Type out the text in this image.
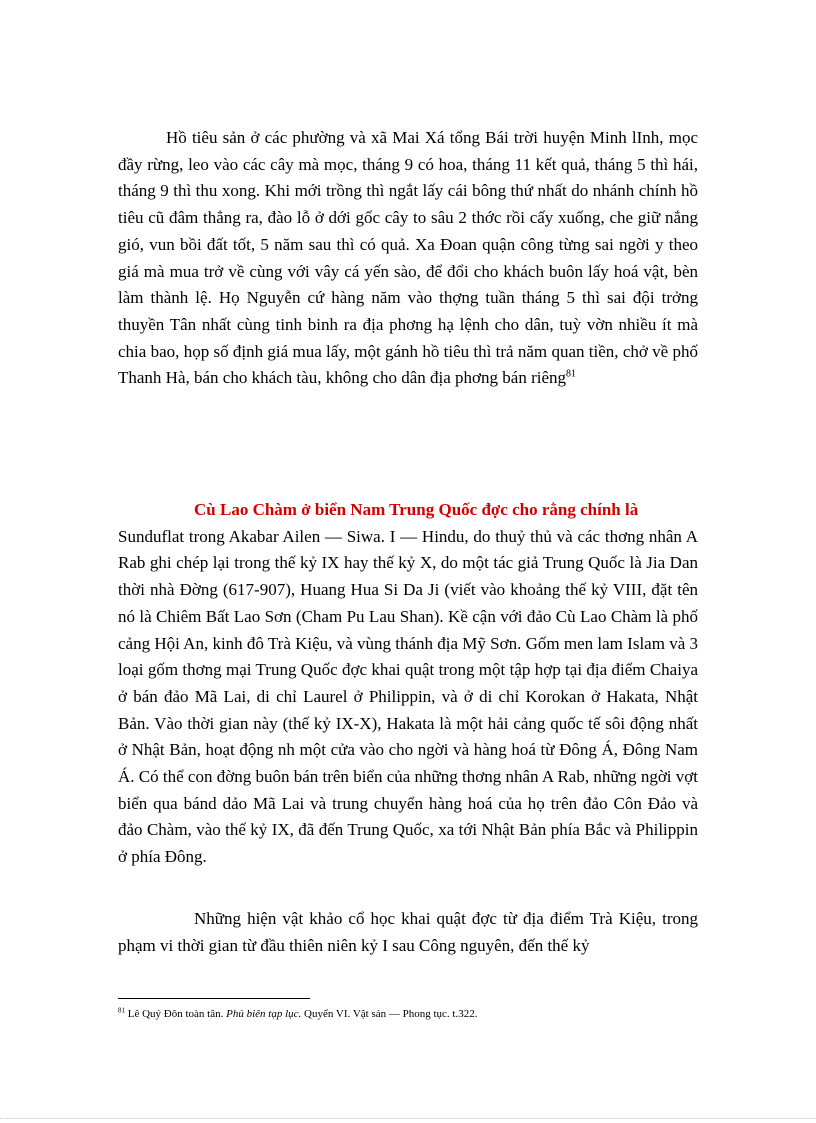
Hồ tiêu sản ở các phường và xã Mai Xá tổng Bái trời huyện Minh lInh, mọc đầy rừng, leo vào các cây mà mọc, tháng 9 có hoa, tháng 11 kết quả, tháng 5 thì hái, tháng 9 thì thu xong. Khi mới trồng thì ngắt lấy cái bông thứ nhất do nhánh chính hồ tiêu cũ đâm thẳng ra, đào lỗ ở dới gốc cây to sâu 2 thớc rồi cấy xuống, che giữ nắng gió, vun bồi đất tốt, 5 năm sau thì có quả. Xa Đoan quận công từng sai ngời y theo giá mà mua trở về cùng với vây cá yến sào, để đổi cho khách buôn lấy hoá vật, bèn làm thành lệ. Họ Nguyễn cứ hàng năm vào thợng tuần tháng 5 thì sai đội trởng thuyền Tân nhất cùng tinh binh ra địa phơng hạ lệnh cho dân, tuỳ vờn nhiều ít mà chia bao, họp số định giá mua lấy, một gánh hồ tiêu thì trả năm quan tiền, chở về phố Thanh Hà, bán cho khách tàu, không cho dân địa phơng bán riêng$^{81}$

Cù Lao Chàm ở biển Nam Trung Quốc đợc cho rằng chính là
Sunduflat trong Akabar Ailen — Siwa. I — Hindu, do thuỷ thủ và các thơng nhân A Rab ghi chép lại trong thế kỷ IX hay thế kỷ X, do một tác giả Trung Quốc là Jia Dan thời nhà Đờng (617-907), Huang Hua Si Da Ji (viết vào khoảng thế kỷ VIII, đặt tên nó là Chiêm Bất Lao Sơn (Cham Pu Lau Shan). Kề cận với đảo Cù Lao Chàm là phố cảng Hội An, kinh đô Trà Kiệu, và vùng thánh địa Mỹ Sơn. Gốm men lam Islam và 3 loại gốm thơng mại Trung Quốc đợc khai quật trong một tập hợp tại địa điểm Chaiya ở bán đảo Mã Lai, di chỉ Laurel ở Philippin, và ở di chỉ Korokan ở Hakata, Nhật Bản. Vào thời gian này (thế kỷ IX-X), Hakata là một hải cảng quốc tế sôi động nhất ở Nhật Bản, hoạt động nh một cửa vào cho ngời và hàng hoá từ Đông Á, Đông Nam Á. Có thể con đờng buôn bán trên biển của những thơng nhân A Rab, những ngời vợt biển qua bánd dảo Mã Lai và trung chuyển hàng hoá của họ trên đảo Côn Đảo và đảo Chàm, vào thế kỷ IX, đã đến Trung Quốc, xa tới Nhật Bản phía Bắc và Philippin ở phía Đông.

Những hiện vật khảo cổ học khai quật đợc từ địa điểm Trà Kiệu, trong phạm vi thời gian từ đầu thiên niên kỷ I sau Công nguyên, đến thế kỷ

$^{81}$ Lê Quý Đôn toàn tân. Phủ biên tạp lục. Quyển VI. Vật sản — Phong tục. t.322.
